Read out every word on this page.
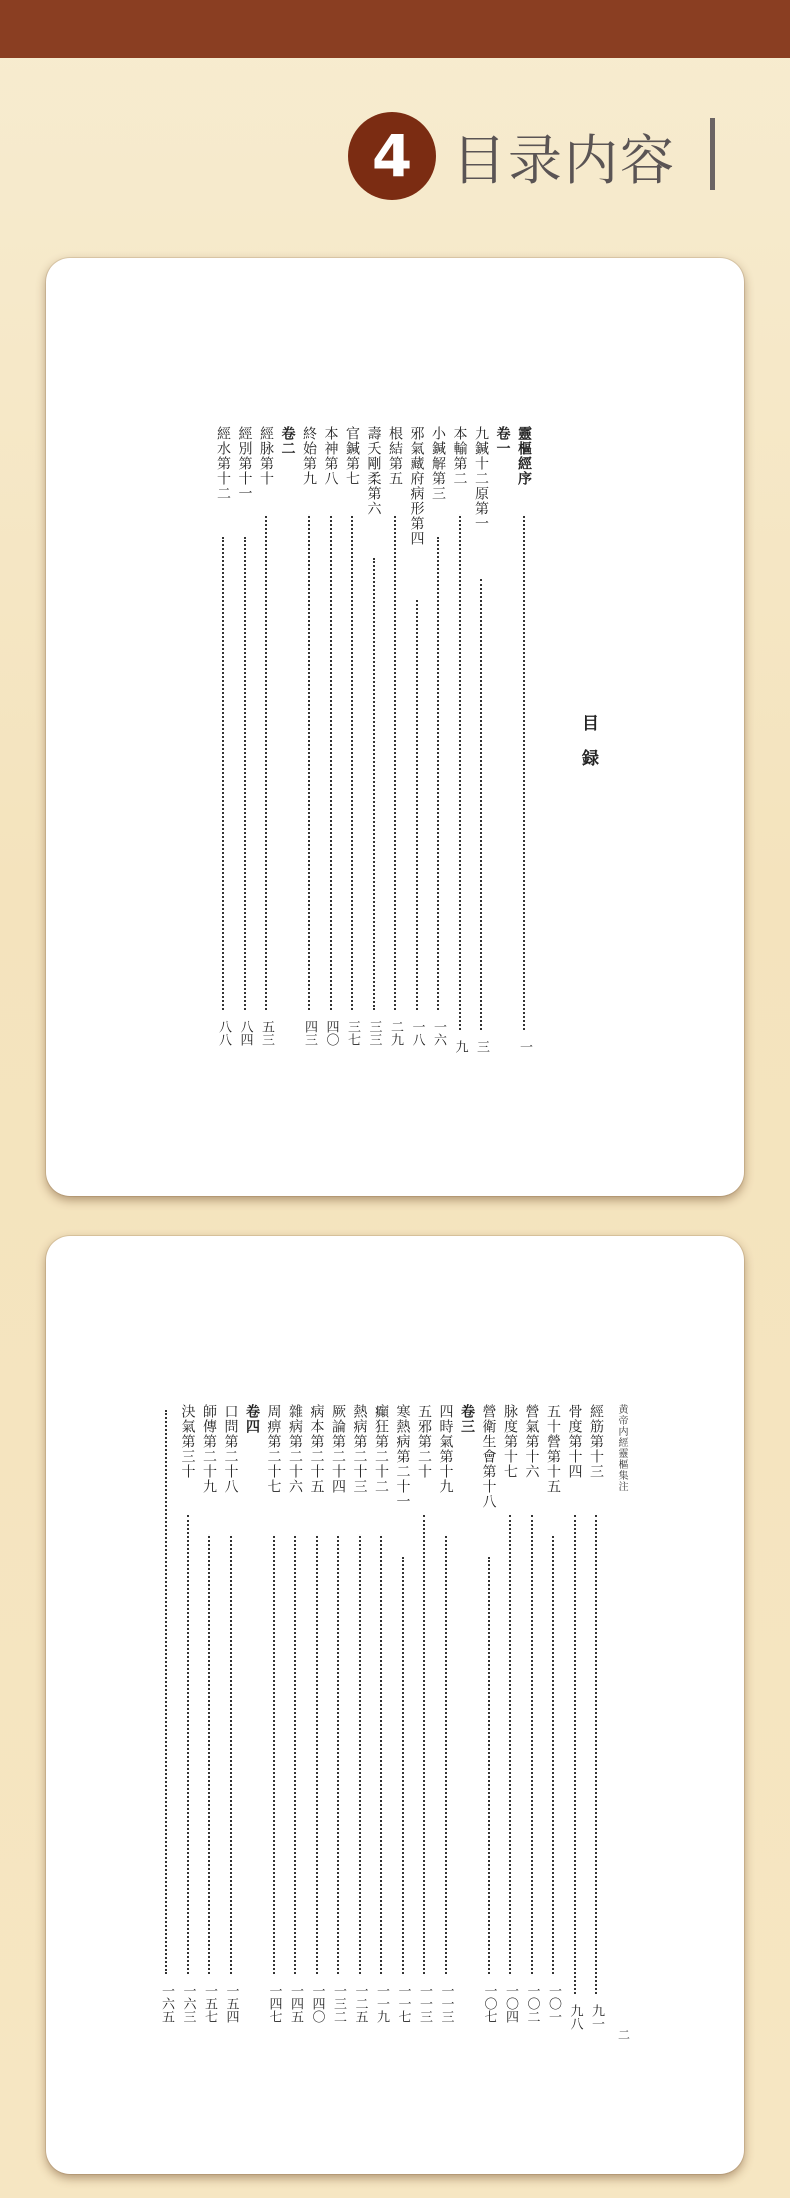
4 目录内容
目録
靈樞經序
一
卷一
九鍼十二原第一
三
本輸第二
九
小鍼解第三
一六
邪氣藏府病形第四
一八
根結第五
二九
壽夭剛柔第六
三三
官鍼第七
三七
本神第八
四〇
終始第九
四三
卷二
經脉第十
五三
經別第十一
八四
經水第十二
八八
黄帝内經靈樞集注
二
經筋第十三
九一
骨度第十四
九八
五十營第十五
一〇一
營氣第十六
一〇二
脉度第十七
一〇四
營衛生會第十八
一〇七
卷三
四時氣第十九
一一三
五邪第二十
一一三
寒熱病第二十一
一一七
癲狂第二十二
一一九
熱病第二十三
一二五
厥論第二十四
一三二
病本第二十五
一四〇
雜病第二十六
一四五
周痹第二十七
一四七
卷四
口問第二十八
一五四
師傳第二十九
一五七
決氣第三十
一六三
一六五
